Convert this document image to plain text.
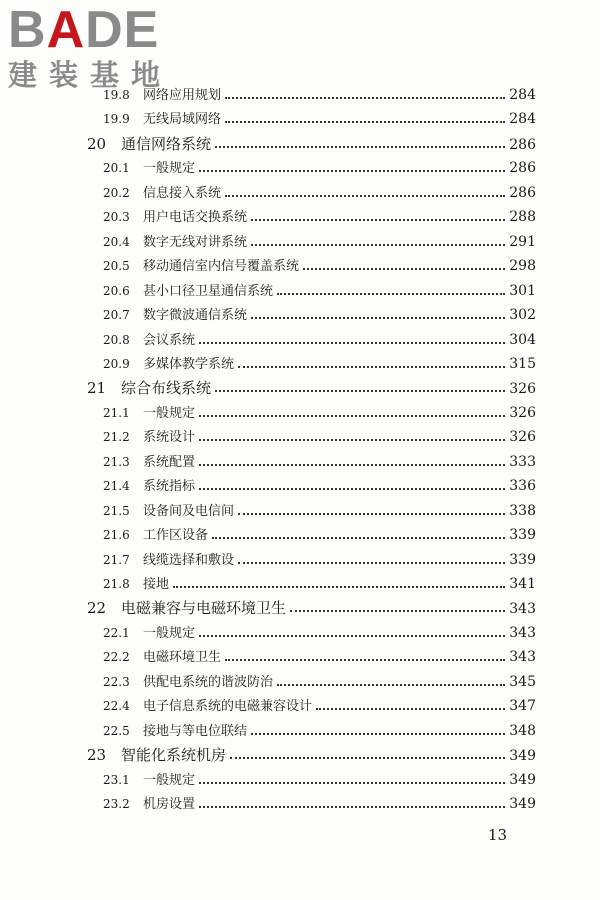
BADE
建装基地
19.8	网络应用规划	284
19.9	无线局域网络	284
20 通信网络系统	286
20.1	一般规定	286
20.2	信息接入系统	286
20.3	用户电话交换系统	288
20.4	数字无线对讲系统	291
20.5	移动通信室内信号覆盖系统	298
20.6	甚小口径卫星通信系统	301
20.7	数字微波通信系统	302
20.8	会议系统	304
20.9	多媒体教学系统	315
21 综合布线系统	326
21.1	一般规定	326
21.2	系统设计	326
21.3	系统配置	333
21.4	系统指标	336
21.5	设备间及电信间	338
21.6	工作区设备	339
21.7	线缆选择和敷设	339
21.8	接地	341
22 电磁兼容与电磁环境卫生	343
22.1	一般规定	343
22.2	电磁环境卫生	343
22.3	供配电系统的谐波防治	345
22.4	电子信息系统的电磁兼容设计	347
22.5	接地与等电位联结	348
23 智能化系统机房	349
23.1	一般规定	349
23.2	机房设置	349
13
